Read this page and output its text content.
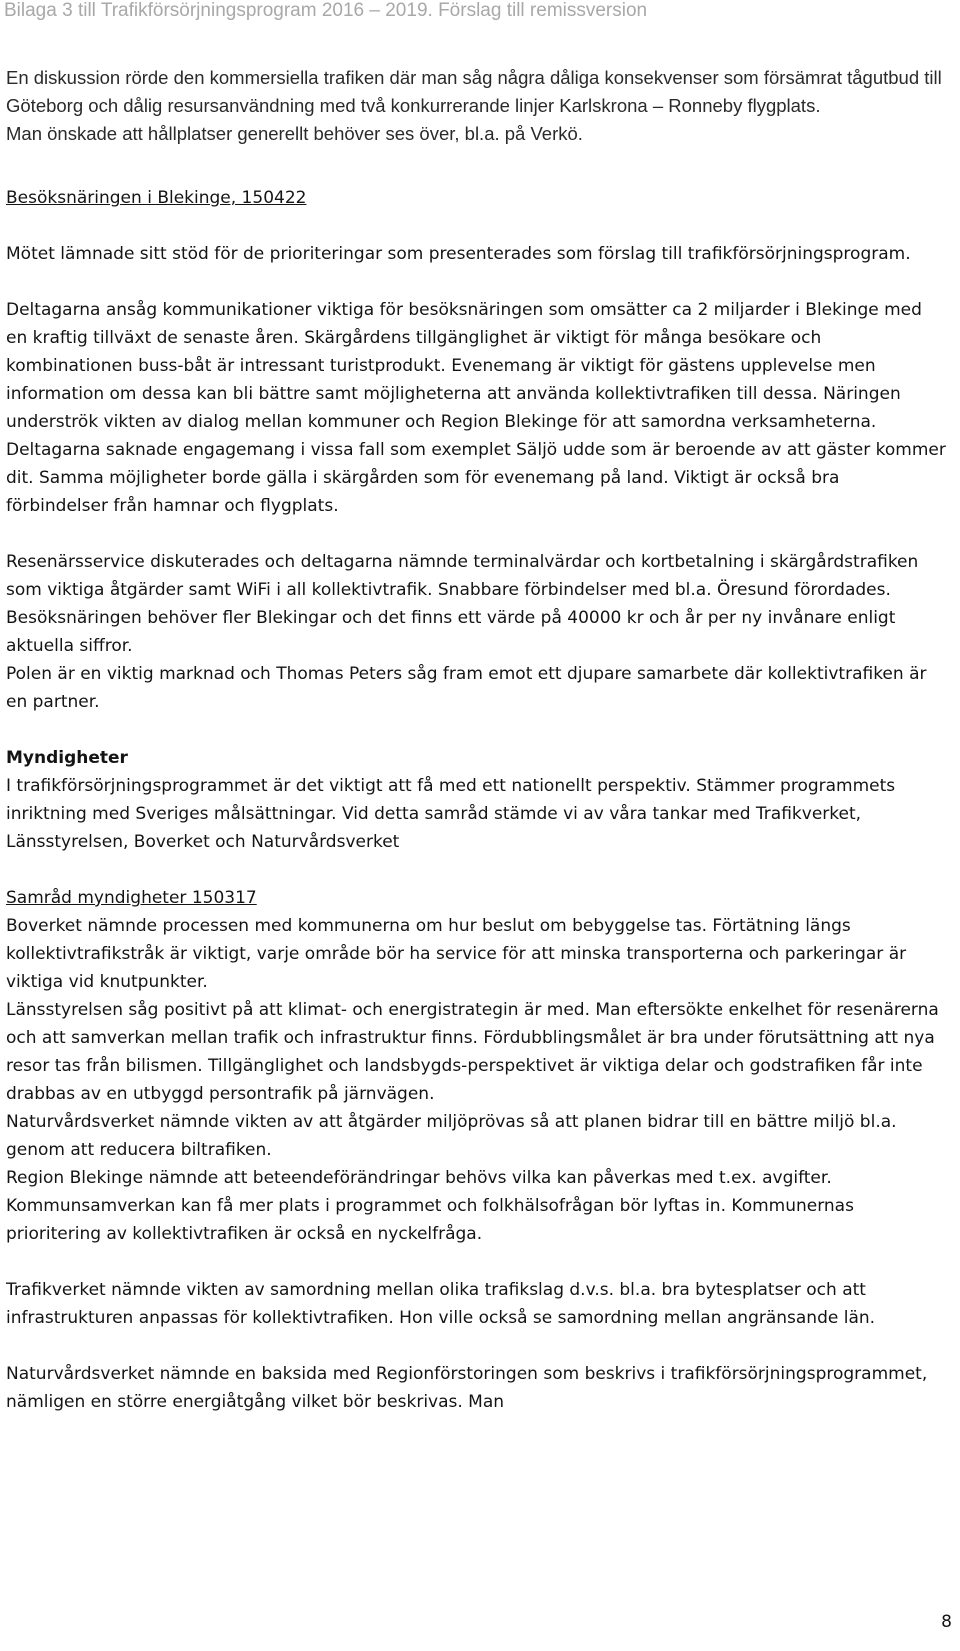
Bilaga 3 till Trafikförsörjningsprogram 2016 – 2019. Förslag till remissversion

En diskussion rörde den kommersiella trafiken där man såg några dåliga konsekvenser som försämrat tågutbud till Göteborg och dålig resursanvändning med två konkurrerande linjer Karlskrona – Ronneby flygplats.

Man önskade att hållplatser generellt behöver ses över, bl.a. på Verkö.

Besöksnäringen i Blekinge, 150422

Mötet lämnade sitt stöd för de prioriteringar som presenterades som förslag till trafikförsörjningsprogram.

Deltagarna ansåg kommunikationer viktiga för besöksnäringen som omsätter ca 2 miljarder i Blekinge med en kraftig tillväxt de senaste åren. Skärgårdens tillgänglighet är viktigt för många besökare och kombinationen buss-båt är intressant turistprodukt. Evenemang är viktigt för gästens upplevelse men information om dessa kan bli bättre samt möjligheterna att använda kollektivtrafiken till dessa. Näringen underströk vikten av dialog mellan kommuner och Region Blekinge för att samordna verksamheterna.

Deltagarna saknade engagemang i vissa fall som exemplet Säljö udde som är beroende av att gäster kommer dit. Samma möjligheter borde gälla i skärgården som för evenemang på land. Viktigt är också bra förbindelser från hamnar och flygplats.

Resenärsservice diskuterades och deltagarna nämnde terminalvärdar och kortbetalning i skärgårdstrafiken som viktiga åtgärder samt WiFi i all kollektivtrafik. Snabbare förbindelser med bl.a. Öresund förordades. Besöksnäringen behöver fler Blekingar och det finns ett värde på 40000 kr och år per ny invånare enligt aktuella siffror.

Polen är en viktig marknad och Thomas Peters såg fram emot ett djupare samarbete där kollektivtrafiken är en partner.

Myndigheter

I trafikförsörjningsprogrammet är det viktigt att få med ett nationellt perspektiv. Stämmer programmets inriktning med Sveriges målsättningar. Vid detta samråd stämde vi av våra tankar med Trafikverket, Länsstyrelsen, Boverket och Naturvårdsverket

Samråd myndigheter 150317

Boverket nämnde processen med kommunerna om hur beslut om bebyggelse tas. Förtätning längs kollektivtrafikstråk är viktigt, varje område bör ha service för att minska transporterna och parkeringar är viktiga vid knutpunkter.

Länsstyrelsen såg positivt på att klimat- och energistrategin är med. Man eftersökte enkelhet för resenärerna och att samverkan mellan trafik och infrastruktur finns. Fördubblingsmålet är bra under förutsättning att nya resor tas från bilismen. Tillgänglighet och landsbygds-perspektivet är viktiga delar och godstrafiken får inte drabbas av en utbyggd persontrafik på järnvägen.

Naturvårdsverket nämnde vikten av att åtgärder miljöprövas så att planen bidrar till en bättre miljö bl.a. genom att reducera biltrafiken.

Region Blekinge nämnde att beteendeförändringar behövs vilka kan påverkas med t.ex. avgifter. Kommunsamverkan kan få mer plats i programmet och folkhälsofrågan bör lyftas in. Kommunernas prioritering av kollektivtrafiken är också en nyckelfråga.

Trafikverket nämnde vikten av samordning mellan olika trafikslag d.v.s. bl.a. bra bytesplatser och att infrastrukturen anpassas för kollektivtrafiken. Hon ville också se samordning mellan angränsande län.

Naturvårdsverket nämnde en baksida med Regionförstoringen som beskrivs i trafikförsörjningsprogrammet, nämligen en större energiåtgång vilket bör beskrivas. Man

8
